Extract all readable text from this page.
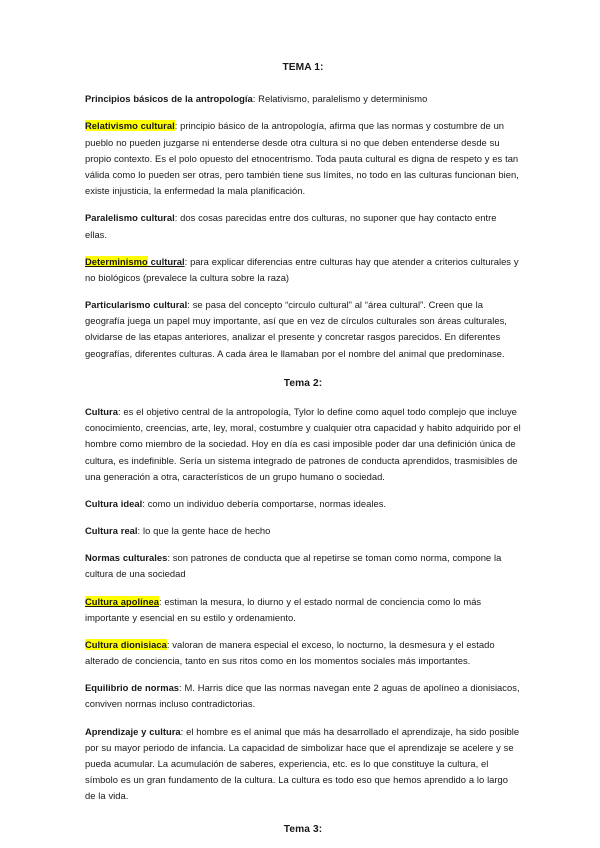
TEMA 1:

Principios básicos de la antropología: Relativismo, paralelismo y determinismo

Relativismo cultural: principio básico de la antropología, afirma que las normas y costumbre de un pueblo no pueden juzgarse ni entenderse desde otra cultura si no que deben entenderse desde su propio contexto. Es el polo opuesto del etnocentrismo. Toda pauta cultural es digna de respeto y es tan válida como lo pueden ser otras, pero también tiene sus límites, no todo en las culturas funcionan bien, existe injusticia, la enfermedad la mala planificación.

Paralelismo cultural: dos cosas parecidas entre dos culturas, no suponer que hay contacto entre ellas.

Determinismo cultural: para explicar diferencias entre culturas hay que atender a criterios culturales y no biológicos (prevalece la cultura sobre la raza)

Particularismo cultural: se pasa del concepto “circulo cultural” al “área cultural”. Creen que la geografía juega un papel muy importante, así que en vez de círculos culturales son áreas culturales, olvidarse de las etapas anteriores, analizar el presente y concretar rasgos parecidos. En diferentes geografías, diferentes culturas. A cada área le llamaban por el nombre del animal que predominase.

Tema 2:

Cultura: es el objetivo central de la antropología, Tylor lo define como aquel todo complejo que incluye conocimiento, creencias, arte, ley, moral, costumbre y cualquier otra capacidad y habito adquirido por el hombre como miembro de la sociedad. Hoy en día es casi imposible poder dar una definición única de cultura, es indefinible. Sería un sistema integrado de patrones de conducta aprendidos, trasmisibles de una generación a otra, característicos de un grupo humano o sociedad.

Cultura ideal: como un individuo debería comportarse, normas ideales.

Cultura real: lo que la gente hace de hecho

Normas culturales: son patrones de conducta que al repetirse se toman como norma, compone la cultura de una sociedad

Cultura apolínea: estiman la mesura, lo diurno y el estado normal de conciencia como lo más importante y esencial en su estilo y ordenamiento.

Cultura dionisiaca: valoran de manera especial el exceso, lo nocturno, la desmesura y el estado alterado de conciencia, tanto en sus ritos como en los momentos sociales más importantes.

Equilibrio de normas: M. Harris dice que las normas navegan ente 2 aguas de apolíneo a dionisiacos, conviven normas incluso contradictorias.

Aprendizaje y cultura: el hombre es el animal que más ha desarrollado el aprendizaje, ha sido posible por su mayor periodo de infancia. La capacidad de simbolizar hace que el aprendizaje se acelere y se pueda acumular. La acumulación de saberes, experiencia, etc. es lo que constituye la cultura, el símbolo es un gran fundamento de la cultura. La cultura es todo eso que hemos aprendido a lo largo de la vida.

Tema 3:
